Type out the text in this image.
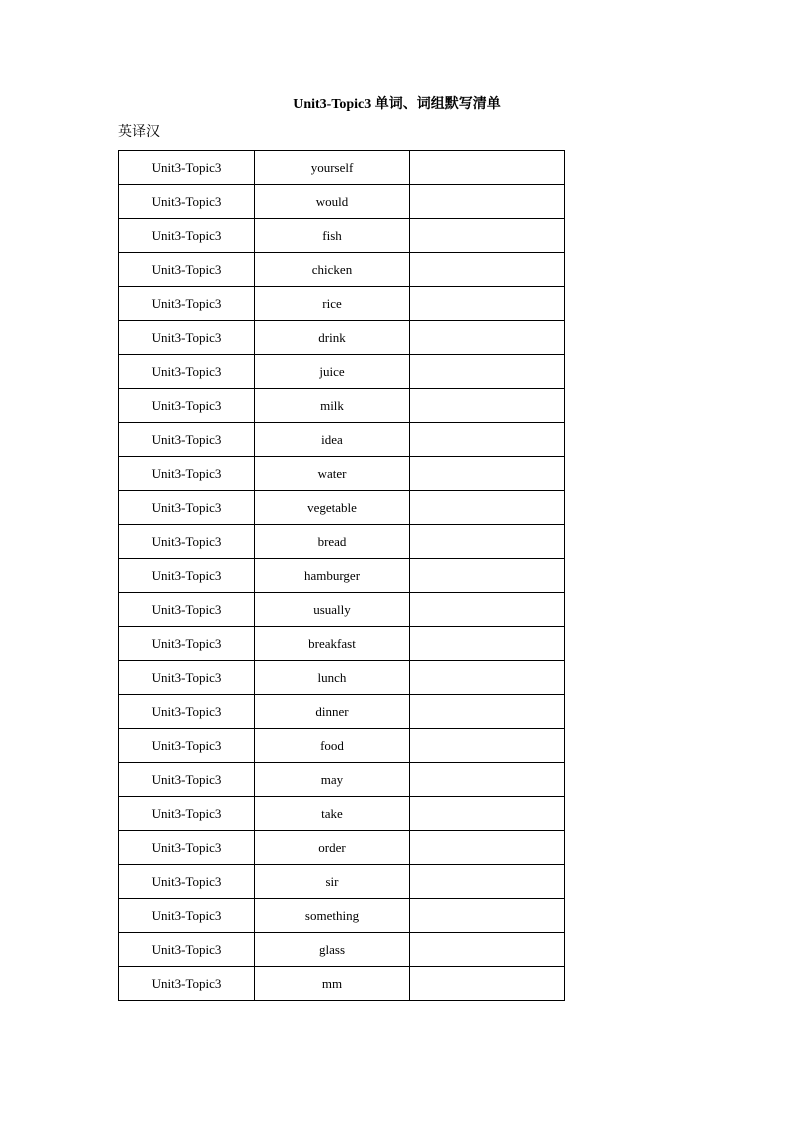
Unit3-Topic3 单词、词组默写清单
英译汉
Unit3-Topic3	yourself	
Unit3-Topic3	would	
Unit3-Topic3	fish	
Unit3-Topic3	chicken	
Unit3-Topic3	rice	
Unit3-Topic3	drink	
Unit3-Topic3	juice	
Unit3-Topic3	milk	
Unit3-Topic3	idea	
Unit3-Topic3	water	
Unit3-Topic3	vegetable	
Unit3-Topic3	bread	
Unit3-Topic3	hamburger	
Unit3-Topic3	usually	
Unit3-Topic3	breakfast	
Unit3-Topic3	lunch	
Unit3-Topic3	dinner	
Unit3-Topic3	food	
Unit3-Topic3	may	
Unit3-Topic3	take	
Unit3-Topic3	order	
Unit3-Topic3	sir	
Unit3-Topic3	something	
Unit3-Topic3	glass	
Unit3-Topic3	mm	
